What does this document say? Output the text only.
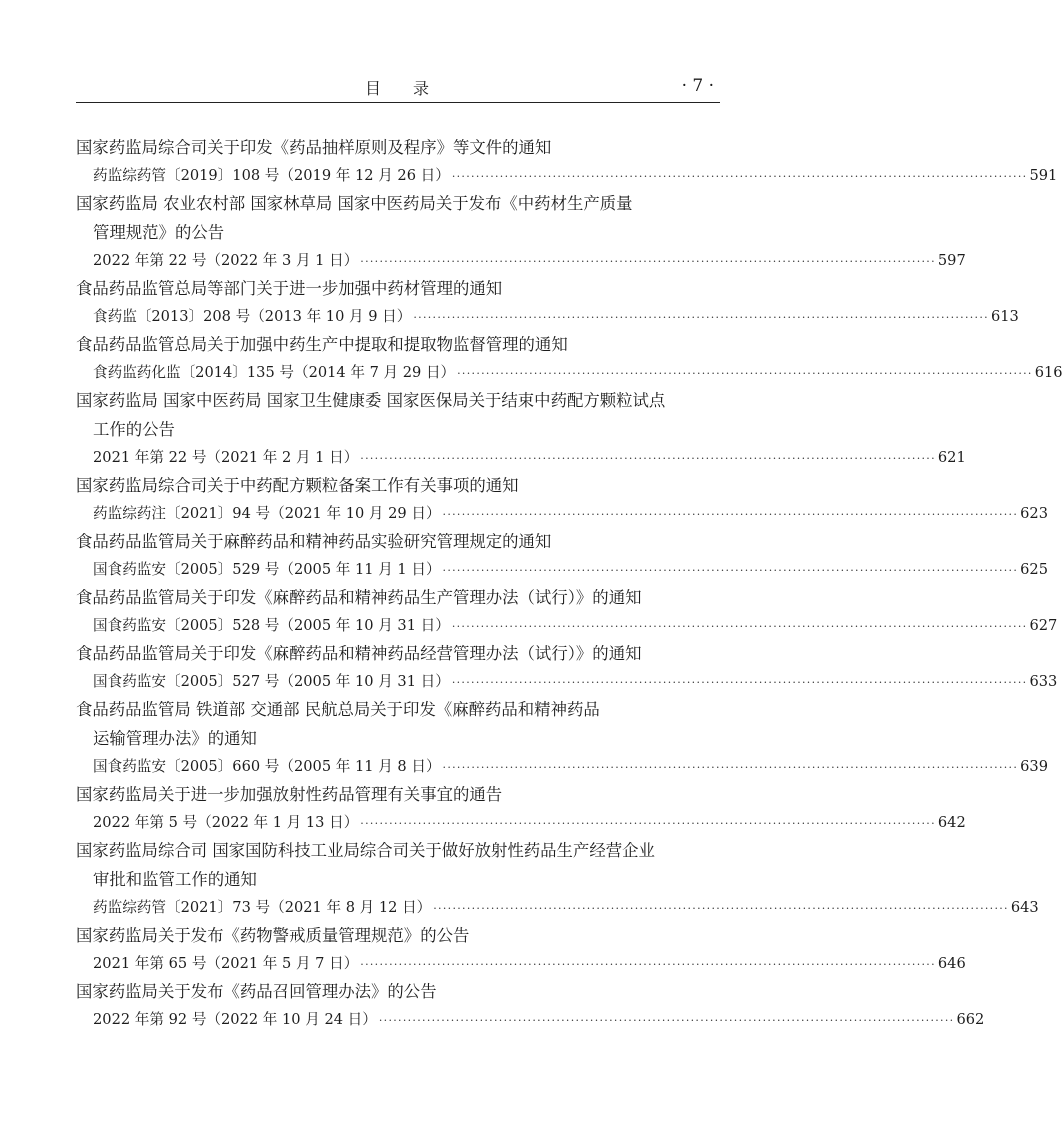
目 录	· 7 ·
国家药监局综合司关于印发《药品抽样原则及程序》等文件的通知
药监综药管〔2019〕108 号（2019 年 12 月 26 日） ························································································································ 591
国家药监局 农业农村部 国家林草局 国家中医药局关于发布《中药材生产质量
管理规范》的公告
2022 年第 22 号（2022 年 3 月 1 日） ························································································································ 597
食品药品监管总局等部门关于进一步加强中药材管理的通知
食药监〔2013〕208 号（2013 年 10 月 9 日） ························································································································ 613
食品药品监管总局关于加强中药生产中提取和提取物监督管理的通知
食药监药化监〔2014〕135 号（2014 年 7 月 29 日） ························································································································ 616
国家药监局 国家中医药局 国家卫生健康委 国家医保局关于结束中药配方颗粒试点
工作的公告
2021 年第 22 号（2021 年 2 月 1 日） ························································································································ 621
国家药监局综合司关于中药配方颗粒备案工作有关事项的通知
药监综药注〔2021〕94 号（2021 年 10 月 29 日） ························································································································ 623
食品药品监管局关于麻醉药品和精神药品实验研究管理规定的通知
国食药监安〔2005〕529 号（2005 年 11 月 1 日） ························································································································ 625
食品药品监管局关于印发《麻醉药品和精神药品生产管理办法（试行）》的通知
国食药监安〔2005〕528 号（2005 年 10 月 31 日） ························································································································ 627
食品药品监管局关于印发《麻醉药品和精神药品经营管理办法（试行）》的通知
国食药监安〔2005〕527 号（2005 年 10 月 31 日） ························································································································ 633
食品药品监管局 铁道部 交通部 民航总局关于印发《麻醉药品和精神药品
运输管理办法》的通知
国食药监安〔2005〕660 号（2005 年 11 月 8 日） ························································································································ 639
国家药监局关于进一步加强放射性药品管理有关事宜的通告
2022 年第 5 号（2022 年 1 月 13 日） ························································································································ 642
国家药监局综合司 国家国防科技工业局综合司关于做好放射性药品生产经营企业
审批和监管工作的通知
药监综药管〔2021〕73 号（2021 年 8 月 12 日） ························································································································ 643
国家药监局关于发布《药物警戒质量管理规范》的公告
2021 年第 65 号（2021 年 5 月 7 日） ························································································································ 646
国家药监局关于发布《药品召回管理办法》的公告
2022 年第 92 号（2022 年 10 月 24 日） ························································································································ 662
